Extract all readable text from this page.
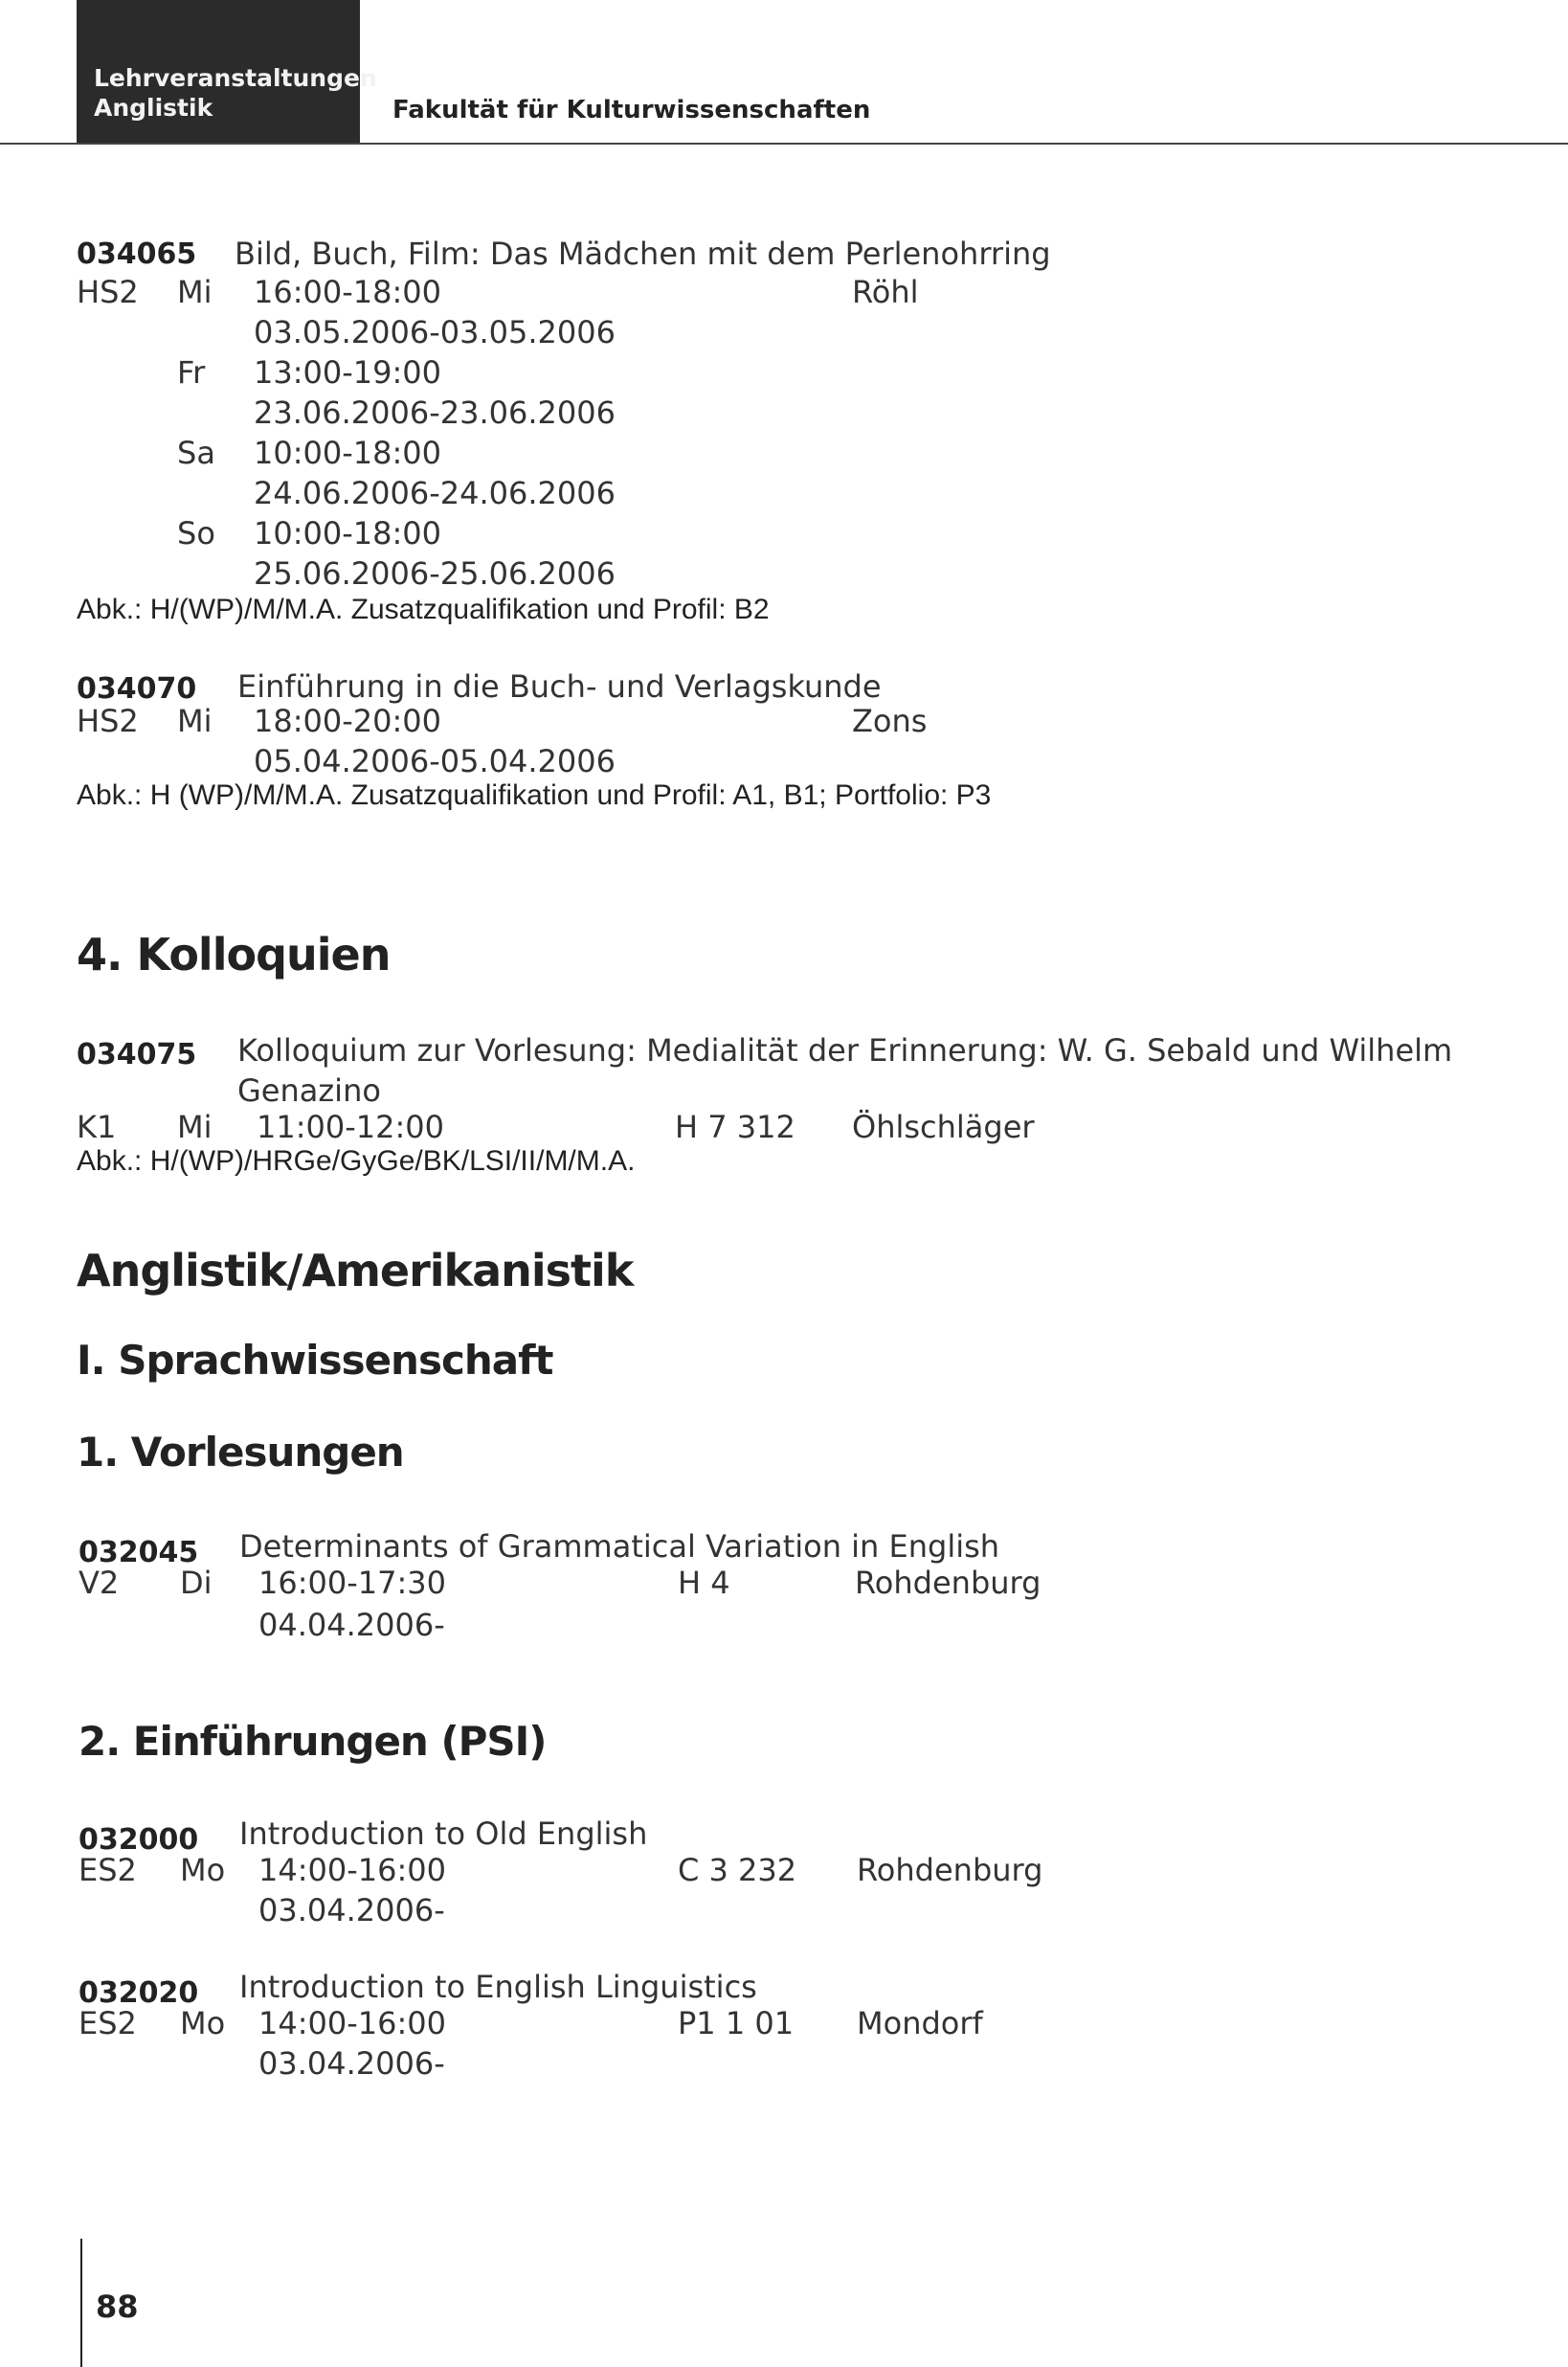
Lehrveranstaltungen
Anglistik	Fakultät für Kulturwissenschaften
034065 Bild, Buch, Film: Das Mädchen mit dem Perlenohrring
HS2 Mi 16:00-18:00	Röhl
03.05.2006-03.05.2006
Fr 13:00-19:00
23.06.2006-23.06.2006
Sa 10:00-18:00
24.06.2006-24.06.2006
So 10:00-18:00
25.06.2006-25.06.2006
Abk.: H/(WP)/M/M.A. Zusatzqualifikation und Profil: B2
034070 Einführung in die Buch- und Verlagskunde
HS2 Mi 18:00-20:00	Zons
05.04.2006-05.04.2006
Abk.: H (WP)/M/M.A. Zusatzqualifikation und Profil: A1, B1; Portfolio: P3
4. Kolloquien
034075 Kolloquium zur Vorlesung: Medialität der Erinnerung: W. G. Sebald und Wilhelm
Genazino
K1 Mi 11:00-12:00	H 7 312 Öhlschläger
Abk.: H/(WP)/HRGe/GyGe/BK/LSI/II/M/M.A.
Anglistik/Amerikanistik
I. Sprachwissenschaft
1. Vorlesungen
032045 Determinants of Grammatical Variation in English
V2 Di 16:00-17:30	H 4	Rohdenburg
04.04.2006-
2. Einführungen (PSI)
032000 Introduction to Old English
ES2 Mo 14:00-16:00	C 3 232 Rohdenburg
03.04.2006-
032020 Introduction to English Linguistics
ES2 Mo 14:00-16:00	P1 1 01 Mondorf
03.04.2006-
88
